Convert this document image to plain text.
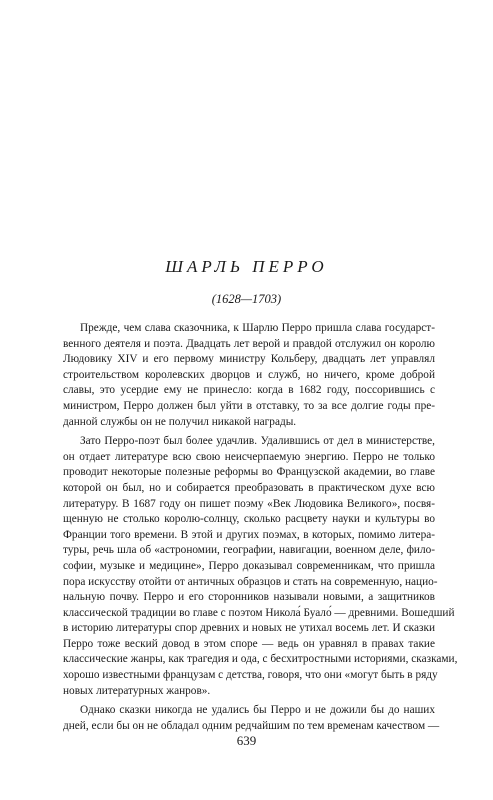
ШАРЛЬ ПЕРРО
(1628—1703)
Прежде, чем слава сказочника, к Шарлю Перро пришла слава государст-
венного деятеля и поэта. Двадцать лет верой и правдой отслужил он королю
Людовику XIV и его первому министру Кольберу, двадцать лет управлял
строительством королевских дворцов и служб, но ничего, кроме доброй
славы, это усердие ему не принесло: когда в 1682 году, поссорившись с
министром, Перро должен был уйти в отставку, то за все долгие годы пре-
данной службы он не получил никакой награды.
Зато Перро-поэт был более удачлив. Удалившись от дел в министерстве,
он отдает литературе всю свою неисчерпаемую энергию. Перро не только
проводит некоторые полезные реформы во Французской академии, во главе
которой он был, но и собирается преобразовать в практическом духе всю
литературу. В 1687 году он пишет поэму «Век Людовика Великого», посвя-
щенную не столько королю-солнцу, сколько расцвету науки и культуры во
Франции того времени. В этой и других поэмах, в которых, помимо литера-
туры, речь шла об «астрономии, географии, навигации, военном деле, фило-
софии, музыке и медицине», Перро доказывал современникам, что пришла
пора искусству отойти от античных образцов и стать на современную, нацио-
нальную почву. Перро и его сторонников называли новыми, а защитников
классической традиции во главе с поэтом Никола́ Буало́ — древними. Вошедший
в историю литературы спор древних и новых не утихал восемь лет. И сказки
Перро тоже веский довод в этом споре — ведь он уравнял в правах такие
классические жанры, как трагедия и ода, с бесхитростными историями, сказками,
хорошо известными французам с детства, говоря, что они «могут быть в ряду
новых литературных жанров».
Однако сказки никогда не удались бы Перро и не дожили бы до наших
дней, если бы он не обладал одним редчайшим по тем временам качеством —
639
